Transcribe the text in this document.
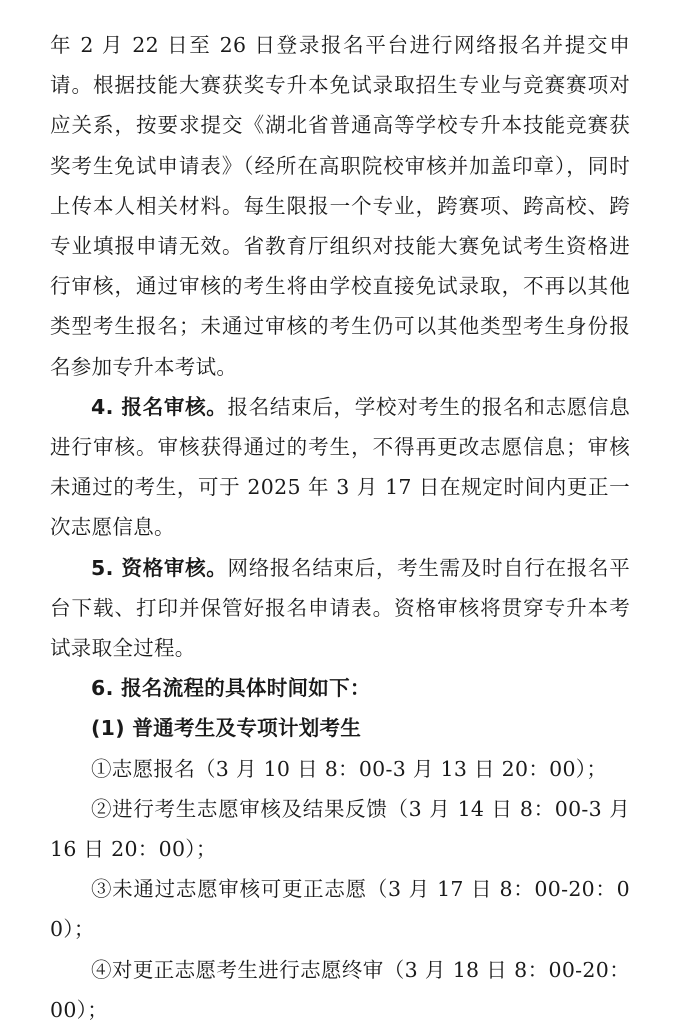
年 2 月 22 日至 26 日登录报名平台进行网络报名并提交申请。根据技能大赛获奖专升本免试录取招生专业与竞赛赛项对应关系，按要求提交《湖北省普通高等学校专升本技能竞赛获奖考生免试申请表》（经所在高职院校审核并加盖印章），同时上传本人相关材料。每生限报一个专业，跨赛项、跨高校、跨专业填报申请无效。省教育厅组织对技能大赛免试考生资格进行审核，通过审核的考生将由学校直接免试录取，不再以其他类型考生报名；未通过审核的考生仍可以其他类型考生身份报名参加专升本考试。

4. 报名审核。报名结束后，学校对考生的报名和志愿信息进行审核。审核获得通过的考生，不得再更改志愿信息；审核未通过的考生，可于 2025 年 3 月 17 日在规定时间内更正一次志愿信息。

5. 资格审核。网络报名结束后，考生需及时自行在报名平台下载、打印并保管好报名申请表。资格审核将贯穿专升本考试录取全过程。

6. 报名流程的具体时间如下：

(1) 普通考生及专项计划考生

①志愿报名（3 月 10 日 8：00-3 月 13 日 20：00）；

②进行考生志愿审核及结果反馈（3 月 14 日 8：00-3 月 16 日 20：00）；

③未通过志愿审核可更正志愿（3 月 17 日 8：00-20：00）；

④对更正志愿考生进行志愿终审（3 月 18 日 8：00-20：00）；
